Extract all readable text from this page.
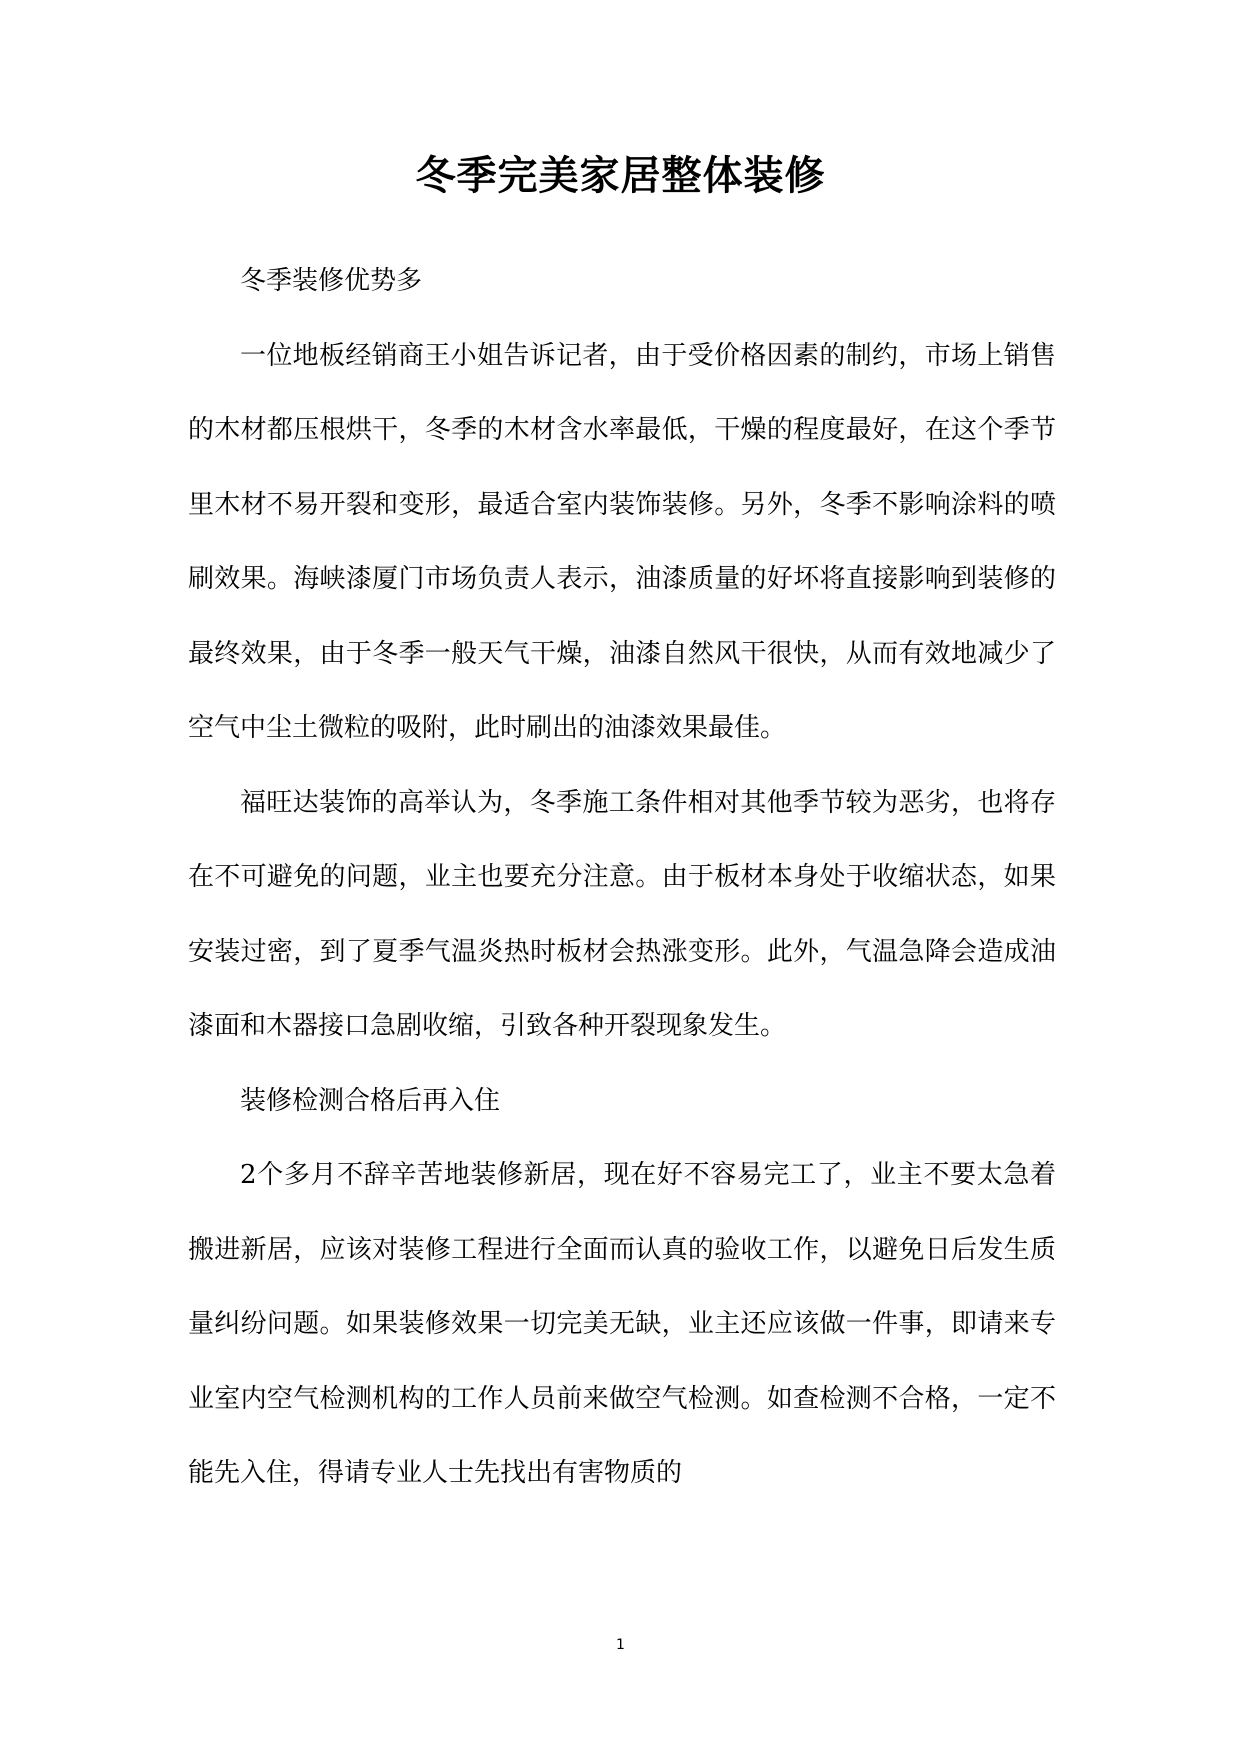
冬季完美家居整体装修

冬季装修优势多

一位地板经销商王小姐告诉记者，由于受价格因素的制约，市场上销售的木材都压根烘干，冬季的木材含水率最低，干燥的程度最好，在这个季节里木材不易开裂和变形，最适合室内装饰装修。另外，冬季不影响涂料的喷刷效果。海峡漆厦门市场负责人表示，油漆质量的好坏将直接影响到装修的最终效果，由于冬季一般天气干燥，油漆自然风干很快，从而有效地减少了空气中尘土微粒的吸附，此时刷出的油漆效果最佳。

福旺达装饰的高举认为，冬季施工条件相对其他季节较为恶劣，也将存在不可避免的问题，业主也要充分注意。由于板材本身处于收缩状态，如果安装过密，到了夏季气温炎热时板材会热涨变形。此外，气温急降会造成油漆面和木器接口急剧收缩，引致各种开裂现象发生。

装修检测合格后再入住

2个多月不辞辛苦地装修新居，现在好不容易完工了，业主不要太急着搬进新居，应该对装修工程进行全面而认真的验收工作，以避免日后发生质量纠纷问题。如果装修效果一切完美无缺，业主还应该做一件事，即请来专业室内空气检测机构的工作人员前来做空气检测。如查检测不合格，一定不能先入住，得请专业人士先找出有害物质的

1
